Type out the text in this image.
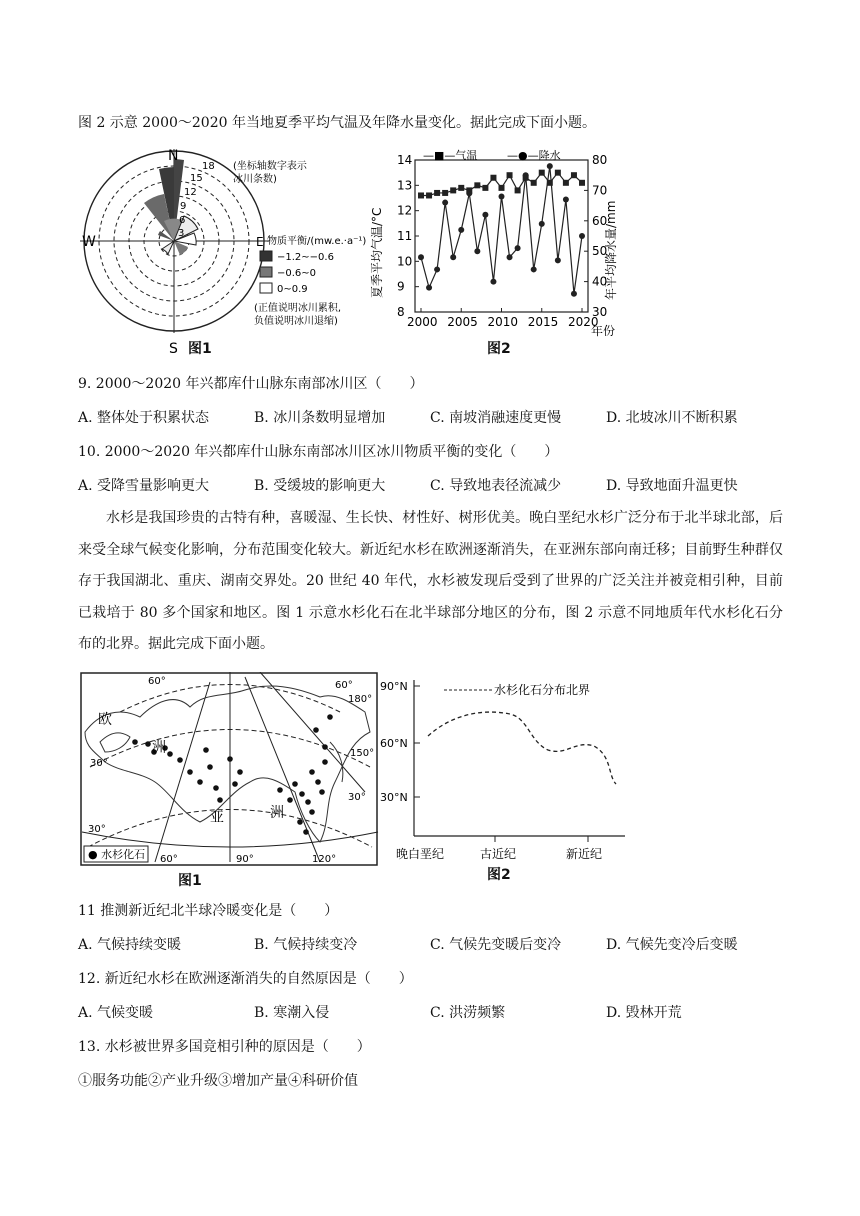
图 2 示意 2000～2020 年当地夏季平均气温及年降水量变化。据此完成下面小题。
N
S
W	E
18
15
12
9
6
3
(坐标轴数字表示
冰川条数)
物质平衡/(mw.e.·a⁻¹)
−1.2~−0.6
−0.6~0
0~0.9
(正值说明冰川累积,
负值说明冰川退缩)
图1
—■—气温	—●—降水
夏季平均气温/°C	年平均降水量/mm
年份
14
13
12
11
10
9
8
80
70
60
50
40
30
2000 2005 2010 2015 2020
图2
9. 2000～2020 年兴都库什山脉东南部冰川区（　　）
A. 整体处于积累状态	B. 冰川条数明显增加	C. 南坡消融速度更慢	D. 北坡冰川不断积累
10. 2000～2020 年兴都库什山脉东南部冰川区冰川物质平衡的变化（　　）
A. 受降雪量影响更大	B. 受缓坡的影响更大	C. 导致地表径流减少	D. 导致地面升温更快

水杉是我国珍贵的古特有种，喜暖湿、生长快、材性好、树形优美。晚白垩纪水杉广泛分布于北半球北部，后来受全球气候变化影响，分布范围变化较大。新近纪水杉在欧洲逐渐消失，在亚洲东部向南迁移；目前野生种群仅存于我国湖北、重庆、湖南交界处。20 世纪 40 年代，水杉被发现后受到了世界的广泛关注并被竞相引种，目前已栽培于 80 多个国家和地区。图 1 示意水杉化石在北半球部分地区的分布，图 2 示意不同地质年代水杉化石分布的北界。据此完成下面小题。

欧
洲
亚	洲
60°	60°
180°
150°
30°
30°
30°
60°	90°	120°
● 水杉化石
图1
水杉化石分布北界
90°N
60°N
30°N
晚白垩纪	古近纪	新近纪
图2
11 推测新近纪北半球冷暖变化是（　　）
A. 气候持续变暖	B. 气候持续变冷	C. 气候先变暖后变冷	D. 气候先变冷后变暖
12. 新近纪水杉在欧洲逐渐消失的自然原因是（　　）
A. 气候变暖	B. 寒潮入侵	C. 洪涝频繁	D. 毁林开荒
13. 水杉被世界多国竞相引种的原因是（　　）
①服务功能②产业升级③增加产量④科研价值
